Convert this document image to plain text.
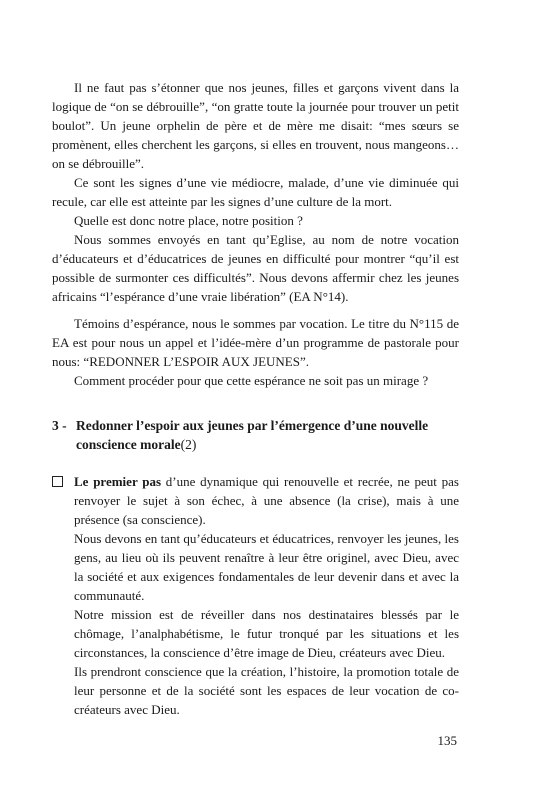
Il ne faut pas s’étonner que nos jeunes, filles et garçons vivent dans la logique de “on se débrouille”, “on gratte toute la journée pour trouver un petit boulot”. Un jeune orphelin de père et de mère me disait: “mes sœurs se promènent, elles cherchent les garçons, si elles en trouvent, nous mangeons… on se débrouille”.

Ce sont les signes d’une vie médiocre, malade, d’une vie diminuée qui recule, car elle est atteinte par les signes d’une culture de la mort.

Quelle est donc notre place, notre position ?

Nous sommes envoyés en tant qu’Eglise, au nom de notre vocation d’éducateurs et d’éducatrices de jeunes en difficulté pour montrer “qu’il est possible de surmonter ces difficultés”. Nous devons affermir chez les jeunes africains “l’espérance d’une vraie libération” (EA N°14).

Témoins d’espérance, nous le sommes par vocation. Le titre du N°115 de EA est pour nous un appel et l’idée-mère d’un programme de pastorale pour nous: “REDONNER L’ESPOIR AUX JEUNES”.

Comment procéder pour que cette espérance ne soit pas un mirage ?

3 - Redonner l’espoir aux jeunes par l’émergence d’une nouvelle conscience morale(2)

Le premier pas d’une dynamique qui renouvelle et recrée, ne peut pas renvoyer le sujet à son échec, à une absence (la crise), mais à une présence (sa conscience).

Nous devons en tant qu’éducateurs et éducatrices, renvoyer les jeunes, les gens, au lieu où ils peuvent renaître à leur être originel, avec Dieu, avec la société et aux exigences fondamentales de leur devenir dans et avec la communauté.

Notre mission est de réveiller dans nos destinataires blessés par le chômage, l’analphabétisme, le futur tronqué par les situations et les circonstances, la conscience d’être image de Dieu, créateurs avec Dieu.

Ils prendront conscience que la création, l’histoire, la promotion totale de leur personne et de la société sont les espaces de leur vocation de co-créateurs avec Dieu.

135
